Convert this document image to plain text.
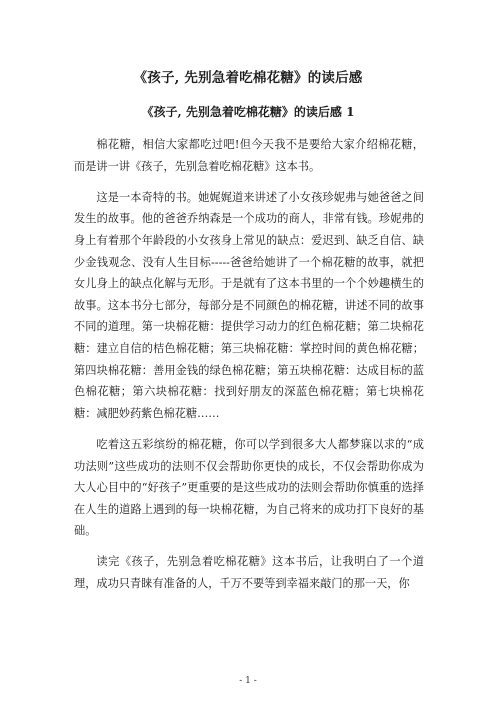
《孩子, 先别急着吃棉花糖》的读后感
《孩子, 先别急着吃棉花糖》的读后感 1

棉花糖，相信大家都吃过吧!但今天我不是要给大家介绍棉花糖，而是讲一讲《孩子，先别急着吃棉花糖》这本书。

这是一本奇特的书。她娓娓道来讲述了小女孩珍妮弗与她爸爸之间发生的故事。他的爸爸乔纳森是一个成功的商人，非常有钱。珍妮弗的身上有着那个年龄段的小女孩身上常见的缺点：爱迟到、缺乏自信、缺少金钱观念、没有人生目标-----爸爸给她讲了一个棉花糖的故事，就把女儿身上的缺点化解与无形。于是就有了这本书里的一个个妙趣横生的故事。这本书分七部分，每部分是不同颜色的棉花糖，讲述不同的故事不同的道理。第一块棉花糖：提供学习动力的红色棉花糖；第二块棉花糖：建立自信的桔色棉花糖；第三块棉花糖：掌控时间的黄色棉花糖；第四块棉花糖：善用金钱的绿色棉花糖；第五块棉花糖：达成目标的蓝色棉花糖；第六块棉花糖：找到好朋友的深蓝色棉花糖；第七块棉花糖：减肥妙药紫色棉花糖……

吃着这五彩缤纷的棉花糖，你可以学到很多大人都梦寐以求的“成功法则”这些成功的法则不仅会帮助你更快的成长，不仅会帮助你成为大人心目中的“好孩子”更重要的是这些成功的法则会帮助你慎重的选择在人生的道路上遇到的每一块棉花糖，为自己将来的成功打下良好的基础。

读完《孩子，先别急着吃棉花糖》这本书后，让我明白了一个道理，成功只青睐有准备的人，千万不要等到幸福来敲门的那一天，你

- 1 -
